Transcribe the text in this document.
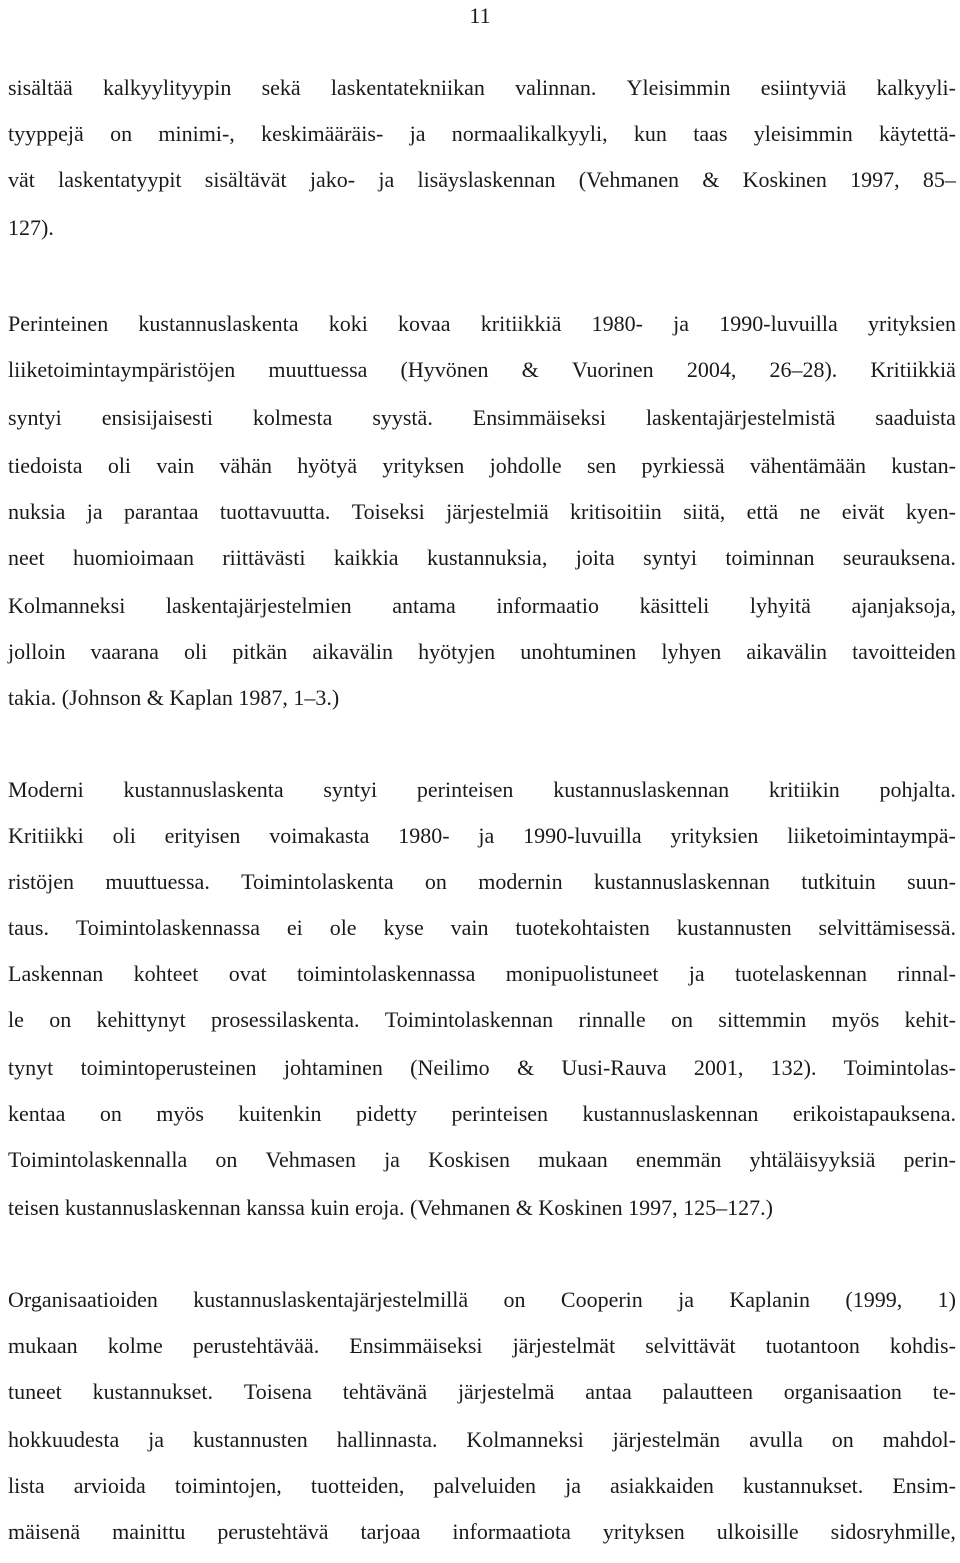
11
sisältää kalkyylityypin sekä laskentatekniikan valinnan. Yleisimmin esiintyviä kalkyyli-
tyyppejä on minimi-, keskimääräis- ja normaalikalkyyli, kun taas yleisimmin käytettä-
vät laskentatyypit sisältävät jako- ja lisäyslaskennan (Vehmanen & Koskinen 1997, 85–
127).
Perinteinen kustannuslaskenta koki kovaa kritiikkiä 1980- ja 1990-luvuilla yrityksien
liiketoimintaympäristöjen muuttuessa (Hyvönen & Vuorinen 2004, 26–28). Kritiikkiä
syntyi ensisijaisesti kolmesta syystä. Ensimmäiseksi laskentajärjestelmistä saaduista
tiedoista oli vain vähän hyötyä yrityksen johdolle sen pyrkiessä vähentämään kustan-
nuksia ja parantaa tuottavuutta. Toiseksi järjestelmiä kritisoitiin siitä, että ne eivät kyen-
neet huomioimaan riittävästi kaikkia kustannuksia, joita syntyi toiminnan seurauksena.
Kolmanneksi laskentajärjestelmien antama informaatio käsitteli lyhyitä ajanjaksoja,
jolloin vaarana oli pitkän aikavälin hyötyjen unohtuminen lyhyen aikavälin tavoitteiden
takia. (Johnson & Kaplan 1987, 1–3.)
Moderni kustannuslaskenta syntyi perinteisen kustannuslaskennan kritiikin pohjalta.
Kritiikki oli erityisen voimakasta 1980- ja 1990-luvuilla yrityksien liiketoimintaympä-
ristöjen muuttuessa. Toimintolaskenta on modernin kustannuslaskennan tutkituin suun-
taus. Toimintolaskennassa ei ole kyse vain tuotekohtaisten kustannusten selvittämisessä.
Laskennan kohteet ovat toimintolaskennassa monipuolistuneet ja tuotelaskennan rinnal-
le on kehittynyt prosessilaskenta. Toimintolaskennan rinnalle on sittemmin myös kehit-
tynyt toimintoperusteinen johtaminen (Neilimo & Uusi-Rauva 2001, 132). Toimintolas-
kentaa on myös kuitenkin pidetty perinteisen kustannuslaskennan erikoistapauksena.
Toimintolaskennalla on Vehmasen ja Koskisen mukaan enemmän yhtäläisyyksiä perin-
teisen kustannuslaskennan kanssa kuin eroja. (Vehmanen & Koskinen 1997, 125–127.)
Organisaatioiden kustannuslaskentajärjestelmillä on Cooperin ja Kaplanin (1999, 1)
mukaan kolme perustehtävää. Ensimmäiseksi järjestelmät selvittävät tuotantoon kohdis-
tuneet kustannukset. Toisena tehtävänä järjestelmä antaa palautteen organisaation te-
hokkuudesta ja kustannusten hallinnasta. Kolmanneksi järjestelmän avulla on mahdol-
lista arvioida toimintojen, tuotteiden, palveluiden ja asiakkaiden kustannukset. Ensim-
mäisenä mainittu perustehtävä tarjoaa informaatiota yrityksen ulkoisille sidosryhmille,
